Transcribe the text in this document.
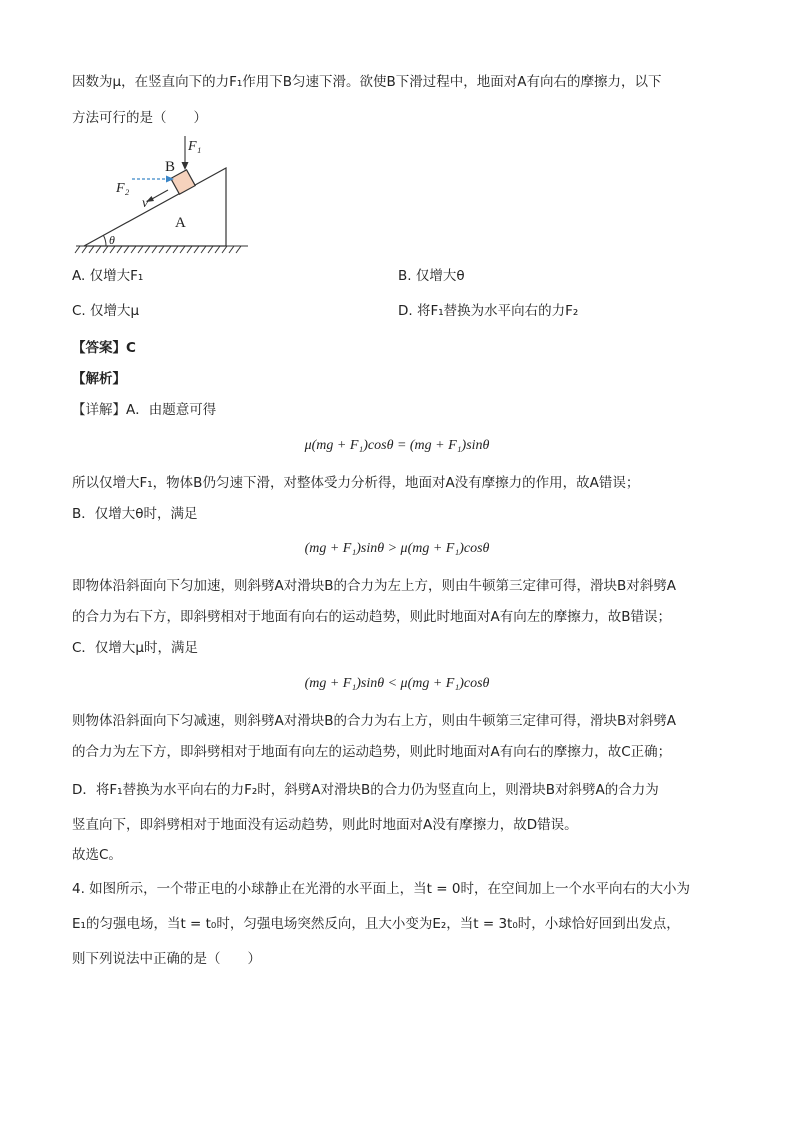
因数为μ，在竖直向下的力F₁作用下B匀速下滑。欲使B下滑过程中，地面对A有向右的摩擦力，以下
方法可行的是（　　）
F₁
B
F₂
v
A
θ
A. 仅增大F₁	B. 仅增大θ
C. 仅增大μ	D. 将F₁替换为水平向右的力F₂
【答案】C
【解析】
【详解】A．由题意可得
μ(mg + F₁)cosθ = (mg + F₁)sinθ
所以仅增大F₁，物体B仍匀速下滑，对整体受力分析得，地面对A没有摩擦力的作用，故A错误；
B．仅增大θ时，满足
(mg + F₁)sinθ > μ(mg + F₁)cosθ
即物体沿斜面向下匀加速，则斜劈A对滑块B的合力为左上方，则由牛顿第三定律可得，滑块B对斜劈A
的合力为右下方，即斜劈相对于地面有向右的运动趋势，则此时地面对A有向左的摩擦力，故B错误；
C．仅增大μ时，满足
(mg + F₁)sinθ < μ(mg + F₁)cosθ
则物体沿斜面向下匀减速，则斜劈A对滑块B的合力为右上方，则由牛顿第三定律可得，滑块B对斜劈A
的合力为左下方，即斜劈相对于地面有向左的运动趋势，则此时地面对A有向右的摩擦力，故C正确；
D．将F₁替换为水平向右的力F₂时，斜劈A对滑块B的合力仍为竖直向上，则滑块B对斜劈A的合力为
竖直向下，即斜劈相对于地面没有运动趋势，则此时地面对A没有摩擦力，故D错误。
故选C。
4. 如图所示，一个带正电的小球静止在光滑的水平面上，当t = 0时，在空间加上一个水平向右的大小为
E₁的匀强电场，当t = t₀时，匀强电场突然反向，且大小变为E₂，当t = 3t₀时，小球恰好回到出发点，
则下列说法中正确的是（　　）
